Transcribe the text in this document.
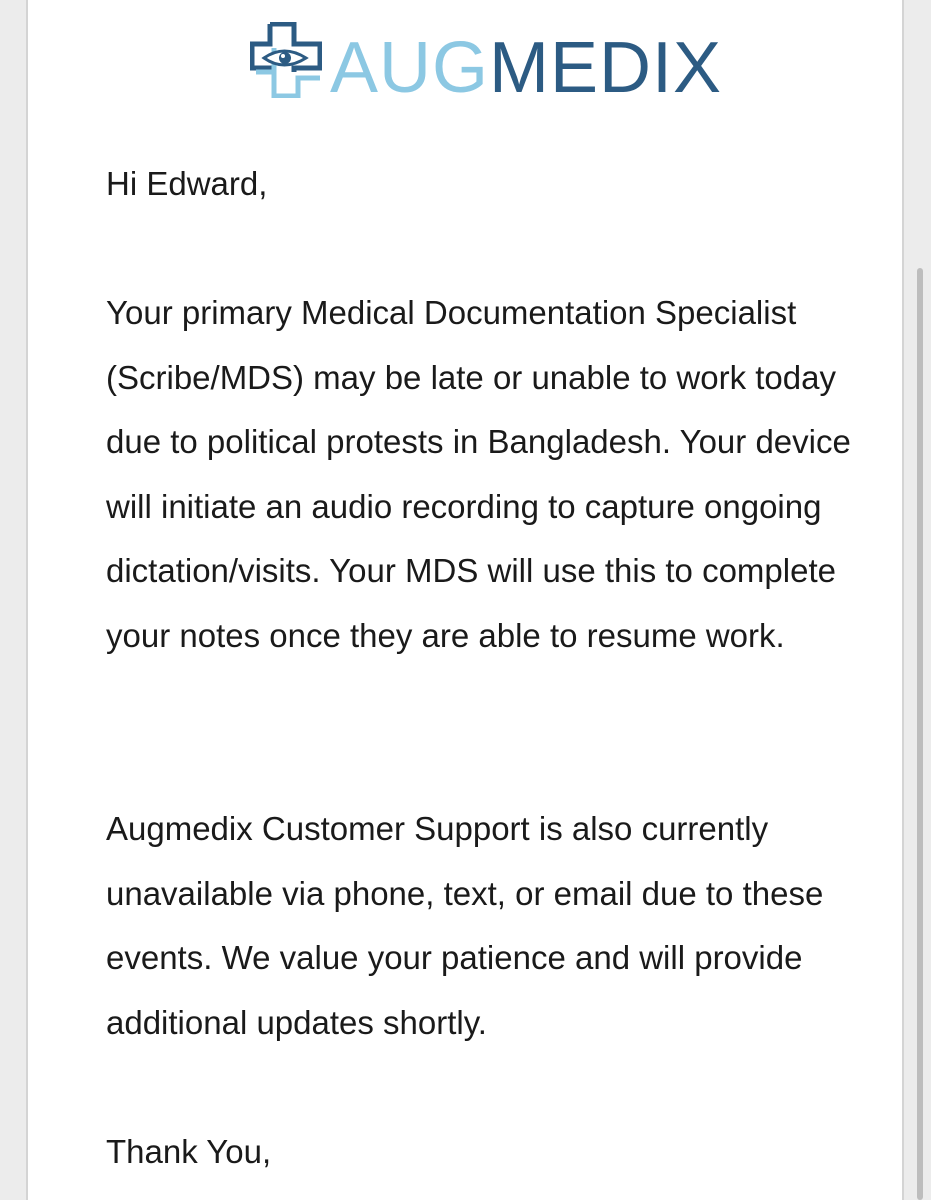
AUGMEDIX
Hi Edward,
Your primary Medical Documentation Specialist (Scribe/MDS) may be late or unable to work today due to political protests in Bangladesh. Your device will initiate an audio recording to capture ongoing dictation/visits. Your MDS will use this to complete your notes once they are able to resume work.
Augmedix Customer Support is also currently unavailable via phone, text, or email due to these events. We value your patience and will provide additional updates shortly.
Thank You,
